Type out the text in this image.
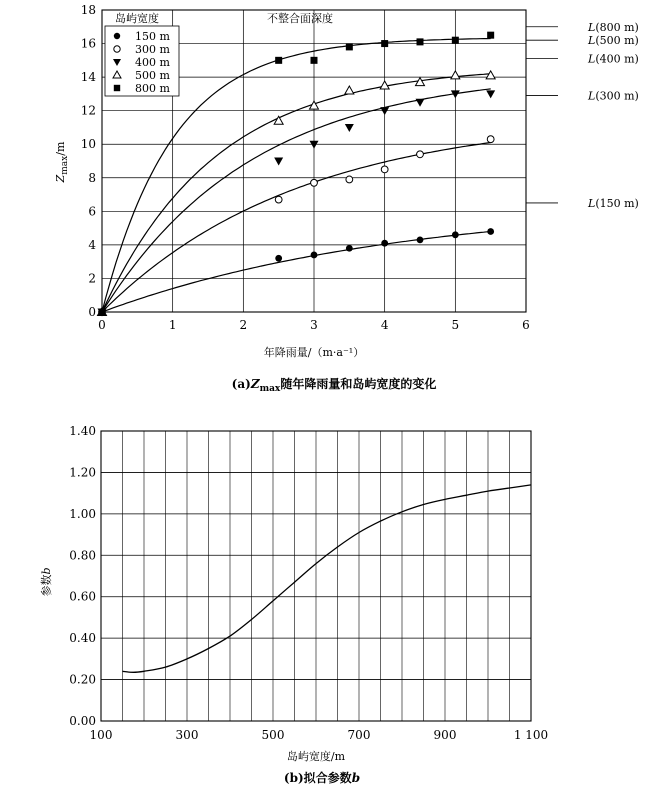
0
2
4
6
8
10
12
14
16
18
0	1	2	3	4	5	6
岛屿宽度	不整合面深度
150 m
300 m
400 m
500 m
800 m
L(150 m)
L(300 m)
L(400 m)
L(500 m)
L(800 m)
年降雨量/（m·a⁻¹）
$Z_{max}/m$
$(a)Z_{max}$随年降雨量和岛屿宽度的变化
0.00
0.20
0.40
0.60
0.80
1.00
1.20
1.40
100	300	500	700	900	1 100
岛屿宽度/m
参数b
(b)拟合参数b
